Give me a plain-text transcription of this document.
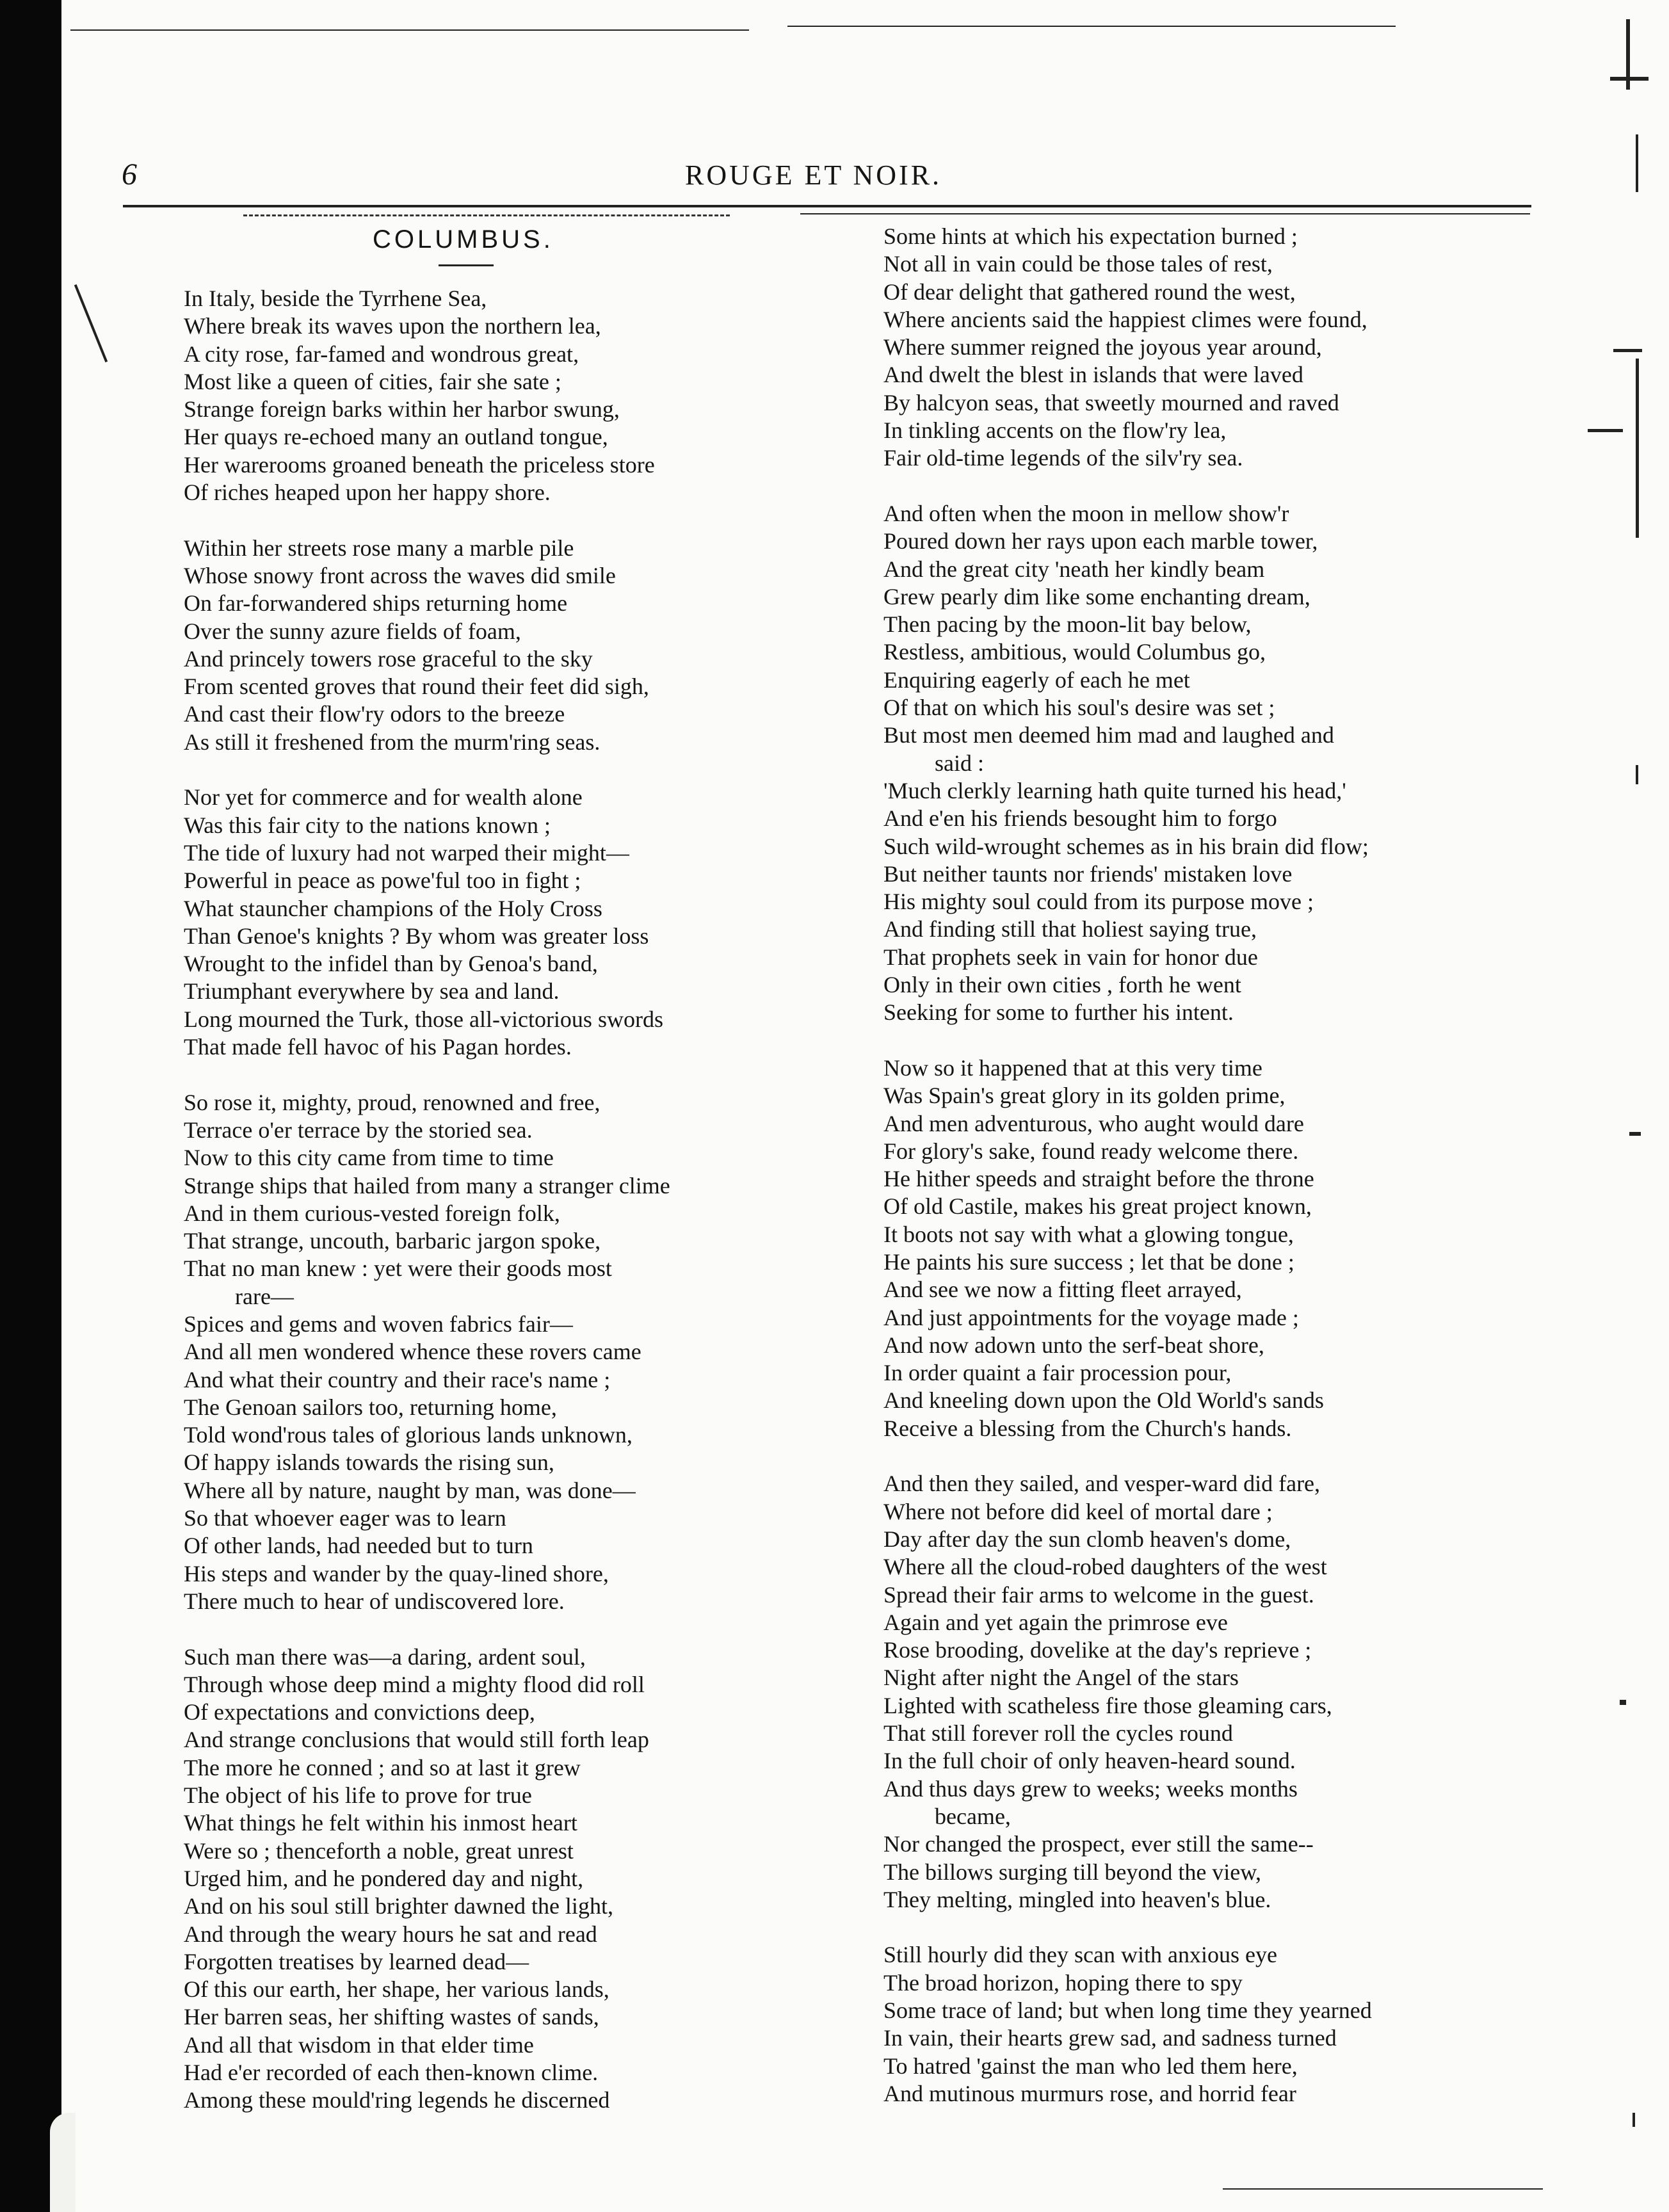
6	ROUGE ET NOIR.
COLUMBUS.
In Italy, beside the Tyrrhene Sea,
Where break its waves upon the northern lea,
A city rose, far-famed and wondrous great,
Most like a queen of cities, fair she sate ;
Strange foreign barks within her harbor swung,
Her quays re-echoed many an outland tongue,
Her warerooms groaned beneath the priceless store
Of riches heaped upon her happy shore.
Within her streets rose many a marble pile
Whose snowy front across the waves did smile
On far-forwandered ships returning home
Over the sunny azure fields of foam,
And princely towers rose graceful to the sky
From scented groves that round their feet did sigh,
And cast their flow'ry odors to the breeze
As still it freshened from the murm'ring seas.
Nor yet for commerce and for wealth alone
Was this fair city to the nations known ;
The tide of luxury had not warped their might—
Powerful in peace as powe'ful too in fight ;
What stauncher champions of the Holy Cross
Than Genoe's knights ? By whom was greater loss
Wrought to the infidel than by Genoa's band,
Triumphant everywhere by sea and land.
Long mourned the Turk, those all-victorious swords
That made fell havoc of his Pagan hordes.
So rose it, mighty, proud, renowned and free,
Terrace o'er terrace by the storied sea.
Now to this city came from time to time
Strange ships that hailed from many a stranger clime
And in them curious-vested foreign folk,
That strange, uncouth, barbaric jargon spoke,
That no man knew : yet were their goods most
rare—
Spices and gems and woven fabrics fair—
And all men wondered whence these rovers came
And what their country and their race's name ;
The Genoan sailors too, returning home,
Told wond'rous tales of glorious lands unknown,
Of happy islands towards the rising sun,
Where all by nature, naught by man, was done—
So that whoever eager was to learn
Of other lands, had needed but to turn
His steps and wander by the quay-lined shore,
There much to hear of undiscovered lore.
Such man there was—a daring, ardent soul,
Through whose deep mind a mighty flood did roll
Of expectations and convictions deep,
And strange conclusions that would still forth leap
The more he conned ; and so at last it grew
The object of his life to prove for true
What things he felt within his inmost heart
Were so ; thenceforth a noble, great unrest
Urged him, and he pondered day and night,
And on his soul still brighter dawned the light,
And through the weary hours he sat and read
Forgotten treatises by learned dead—
Of this our earth, her shape, her various lands,
Her barren seas, her shifting wastes of sands,
And all that wisdom in that elder time
Had e'er recorded of each then-known clime.
Among these mould'ring legends he discerned
Some hints at which his expectation burned ;
Not all in vain could be those tales of rest,
Of dear delight that gathered round the west,
Where ancients said the happiest climes were found,
Where summer reigned the joyous year around,
And dwelt the blest in islands that were laved
By halcyon seas, that sweetly mourned and raved
In tinkling accents on the flow'ry lea,
Fair old-time legends of the silv'ry sea.
And often when the moon in mellow show'r
Poured down her rays upon each marble tower,
And the great city 'neath her kindly beam
Grew pearly dim like some enchanting dream,
Then pacing by the moon-lit bay below,
Restless, ambitious, would Columbus go,
Enquiring eagerly of each he met
Of that on which his soul's desire was set ;
But most men deemed him mad and laughed and
said :
'Much clerkly learning hath quite turned his head,'
And e'en his friends besought him to forgo
Such wild-wrought schemes as in his brain did flow;
But neither taunts nor friends' mistaken love
His mighty soul could from its purpose move ;
And finding still that holiest saying true,
That prophets seek in vain for honor due
Only in their own cities , forth he went
Seeking for some to further his intent.
Now so it happened that at this very time
Was Spain's great glory in its golden prime,
And men adventurous, who aught would dare
For glory's sake, found ready welcome there.
He hither speeds and straight before the throne
Of old Castile, makes his great project known,
It boots not say with what a glowing tongue,
He paints his sure success ; let that be done ;
And see we now a fitting fleet arrayed,
And just appointments for the voyage made ;
And now adown unto the serf-beat shore,
In order quaint a fair procession pour,
And kneeling down upon the Old World's sands
Receive a blessing from the Church's hands.
And then they sailed, and vesper-ward did fare,
Where not before did keel of mortal dare ;
Day after day the sun clomb heaven's dome,
Where all the cloud-robed daughters of the west
Spread their fair arms to welcome in the guest.
Again and yet again the primrose eve
Rose brooding, dovelike at the day's reprieve ;
Night after night the Angel of the stars
Lighted with scatheless fire those gleaming cars,
That still forever roll the cycles round
In the full choir of only heaven-heard sound.
And thus days grew to weeks; weeks months
became,
Nor changed the prospect, ever still the same--
The billows surging till beyond the view,
They melting, mingled into heaven's blue.
Still hourly did they scan with anxious eye
The broad horizon, hoping there to spy
Some trace of land; but when long time they yearned
In vain, their hearts grew sad, and sadness turned
To hatred 'gainst the man who led them here,
And mutinous murmurs rose, and horrid fear
